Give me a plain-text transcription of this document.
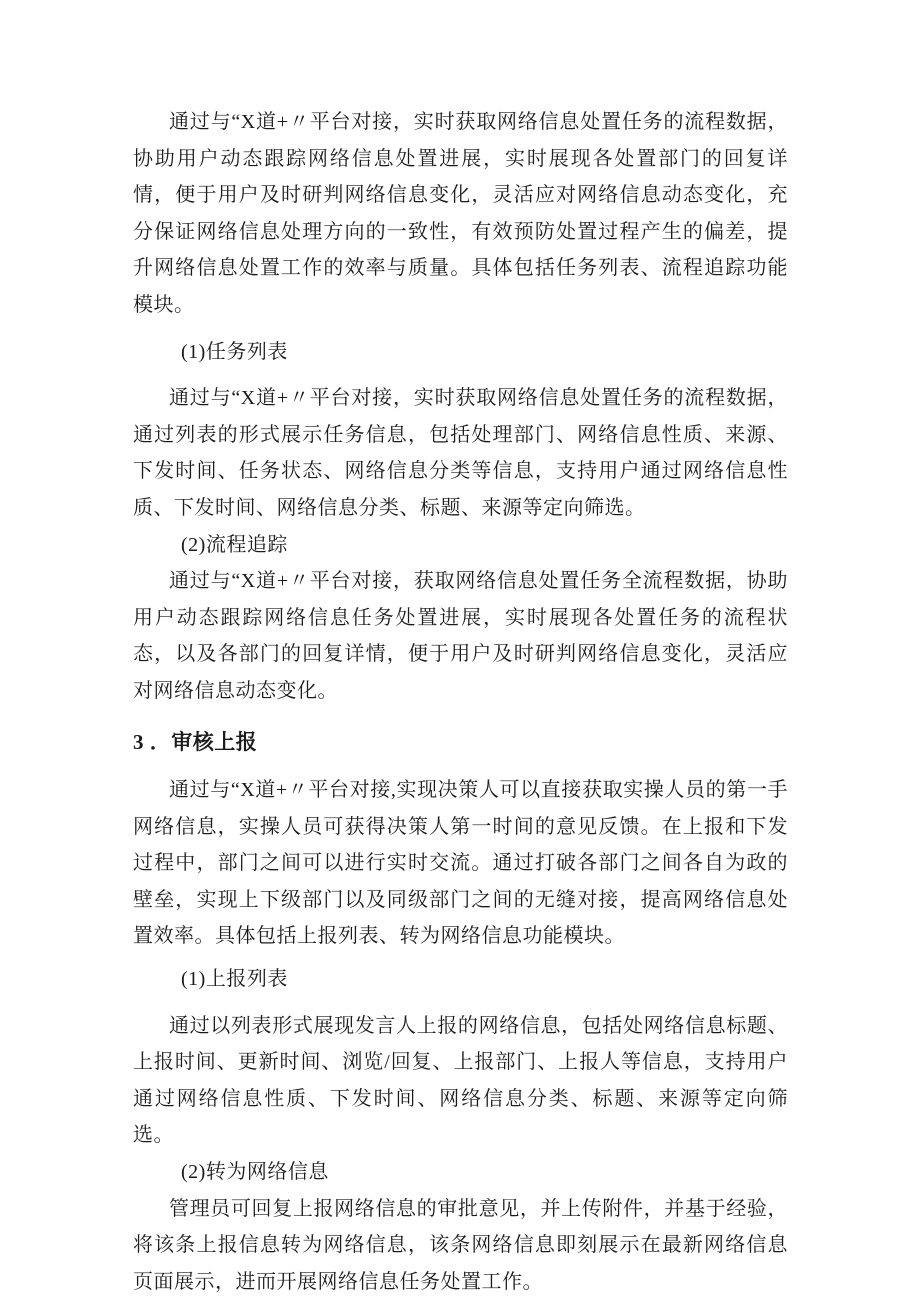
通过与“X道+〃平台对接，实时获取网络信息处置任务的流程数据，协助用户动态跟踪网络信息处置进展，实时展现各处置部门的回复详情，便于用户及时研判网络信息变化，灵活应对网络信息动态变化，充分保证网络信息处理方向的一致性，有效预防处置过程产生的偏差，提升网络信息处置工作的效率与质量。具体包括任务列表、流程追踪功能模块。

(1)任务列表

通过与“X道+〃平台对接，实时获取网络信息处置任务的流程数据，通过列表的形式展示任务信息，包括处理部门、网络信息性质、来源、下发时间、任务状态、网络信息分类等信息，支持用户通过网络信息性质、下发时间、网络信息分类、标题、来源等定向筛选。

(2)流程追踪

通过与“X道+〃平台对接，获取网络信息处置任务全流程数据，协助用户动态跟踪网络信息任务处置进展，实时展现各处置任务的流程状态，以及各部门的回复详情，便于用户及时研判网络信息变化，灵活应对网络信息动态变化。

3 ．审核上报

通过与“X道+〃平台对接,实现决策人可以直接获取实操人员的第一手网络信息，实操人员可获得决策人第一时间的意见反馈。在上报和下发过程中，部门之间可以进行实时交流。通过打破各部门之间各自为政的壁垒，实现上下级部门以及同级部门之间的无缝对接，提高网络信息处置效率。具体包括上报列表、转为网络信息功能模块。

(1)上报列表

通过以列表形式展现发言人上报的网络信息，包括处网络信息标题、上报时间、更新时间、浏览/回复、上报部门、上报人等信息，支持用户通过网络信息性质、下发时间、网络信息分类、标题、来源等定向筛选。

(2)转为网络信息

管理员可回复上报网络信息的审批意见，并上传附件，并基于经验，将该条上报信息转为网络信息，该条网络信息即刻展示在最新网络信息页面展示，进而开展网络信息任务处置工作。
